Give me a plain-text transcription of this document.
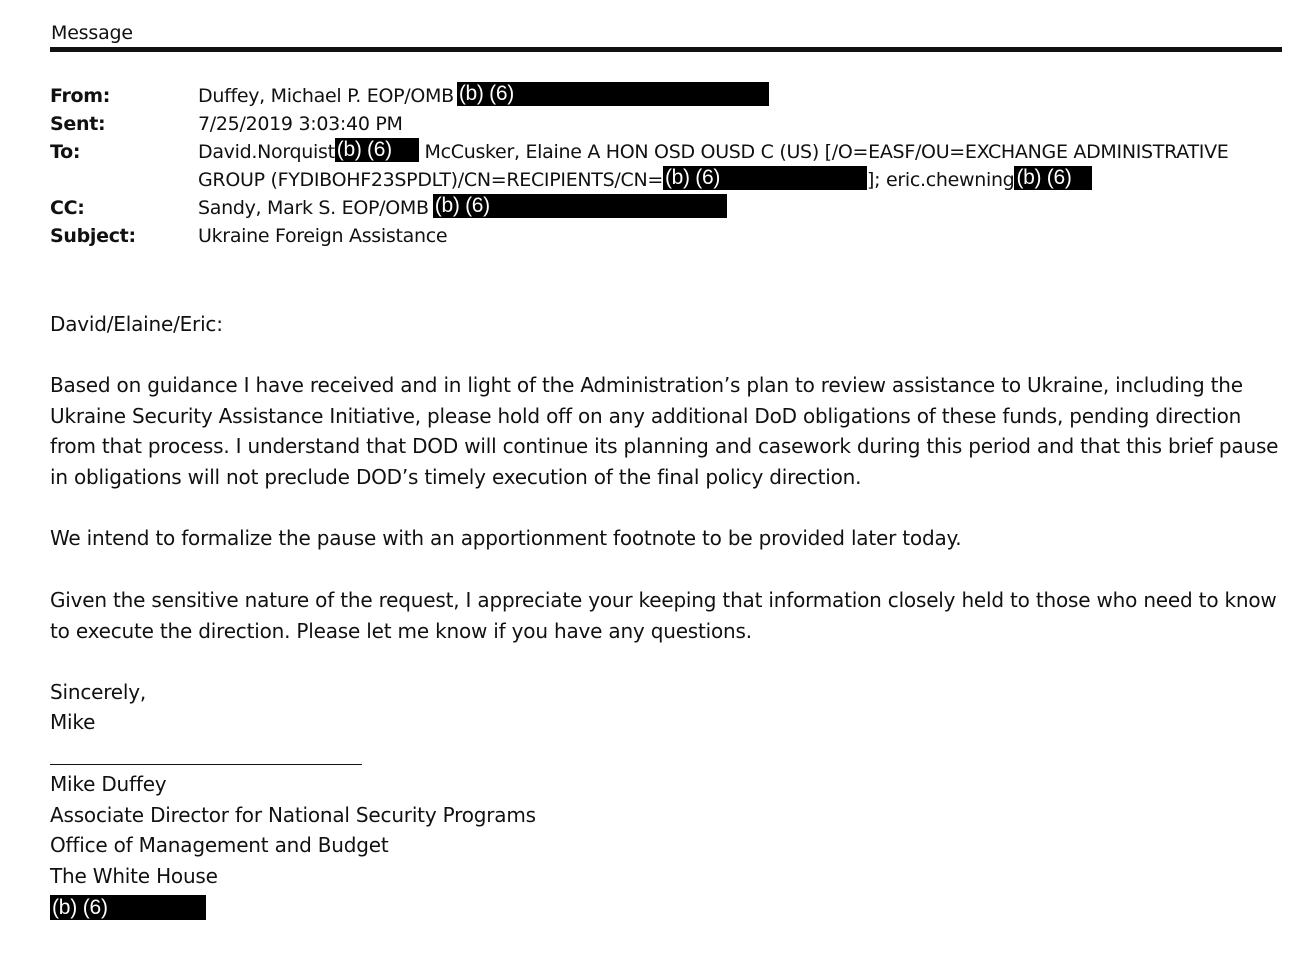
Message
From:	Duffey, Michael P. EOP/OMB (b) (6)
Sent:	7/25/2019 3:03:40 PM
To:	David.Norquist(b) (6) McCusker, Elaine A HON OSD OUSD C (US) [/O=EASF/OU=EXCHANGE ADMINISTRATIVE
GROUP (FYDIBOHF23SPDLT)/CN=RECIPIENTS/CN=(b) (6)	]; eric.chewning(b) (6)
CC:	Sandy, Mark S. EOP/OMB (b) (6)
Subject:	Ukraine Foreign Assistance

David/Elaine/Eric:

Based on guidance I have received and in light of the Administration’s plan to review assistance to Ukraine, including the Ukraine Security Assistance Initiative, please hold off on any additional DoD obligations of these funds, pending direction from that process. I understand that DOD will continue its planning and casework during this period and that this brief pause in obligations will not preclude DOD’s timely execution of the final policy direction.

We intend to formalize the pause with an apportionment footnote to be provided later today.

Given the sensitive nature of the request, I appreciate your keeping that information closely held to those who need to know to execute the direction. Please let me know if you have any questions.

Sincerely,

Mike

Mike Duffey

Associate Director for National Security Programs

Office of Management and Budget

The White House

(b) (6)
